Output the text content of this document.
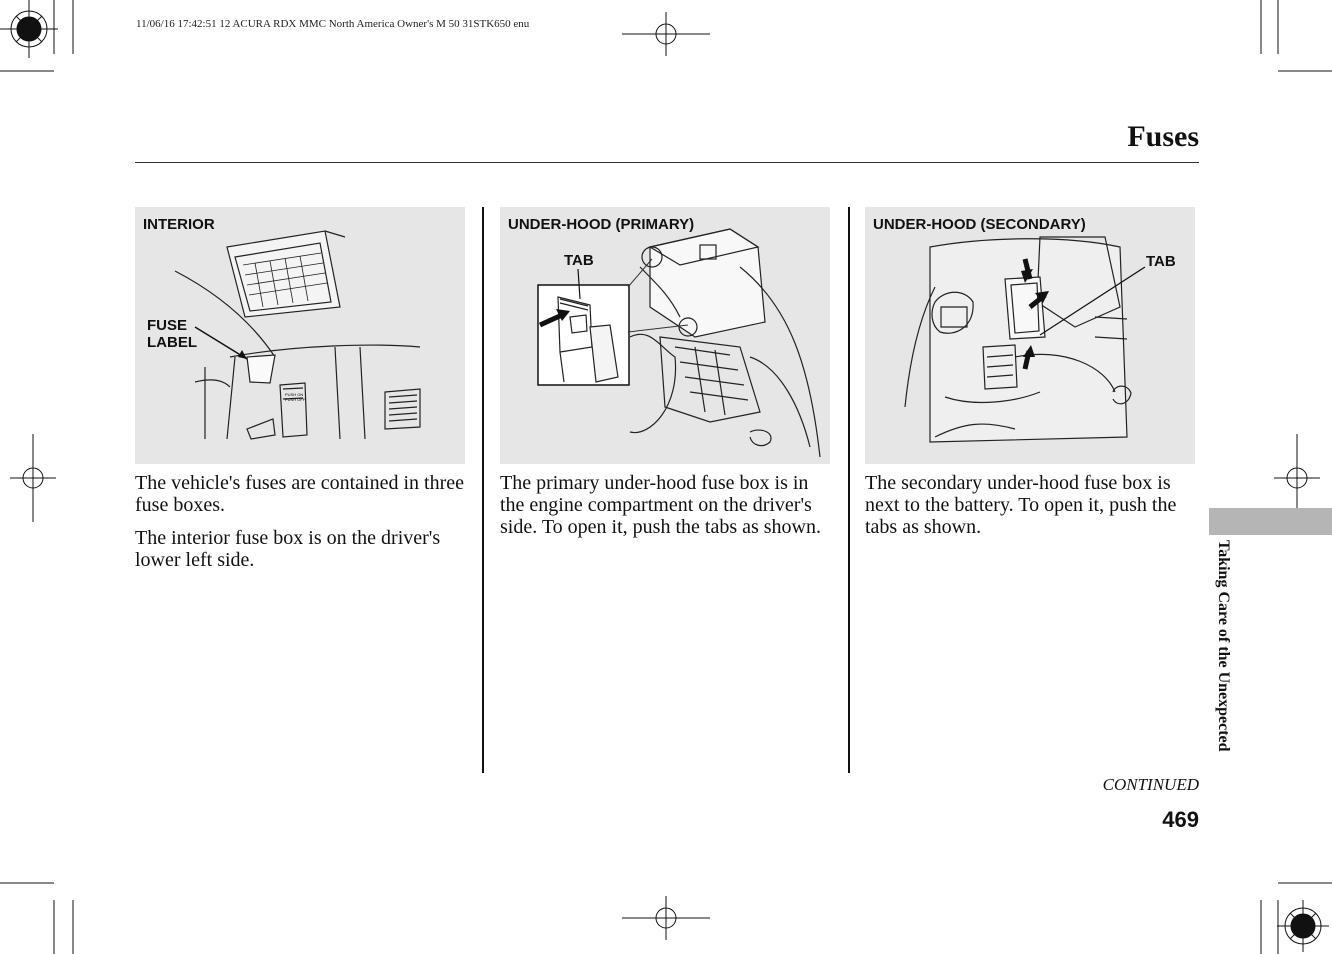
11/06/16 17:42:51 12 ACURA RDX MMC North America Owner's M 50 31STK650 enu
Fuses
INTERIOR
PUSH ON
PUSH OFF
FUSE
LABEL
UNDER-HOOD (PRIMARY)
TAB
UNDER-HOOD (SECONDARY)
TAB

The vehicle's fuses are contained in three fuse boxes.

The interior fuse box is on the driver's lower left side.

The primary under-hood fuse box is in the engine compartment on the driver's side. To open it, push the tabs as shown.

The secondary under-hood fuse box is next to the battery. To open it, push the tabs as shown.

Taking Care of the Unexpected
CONTINUED
469
